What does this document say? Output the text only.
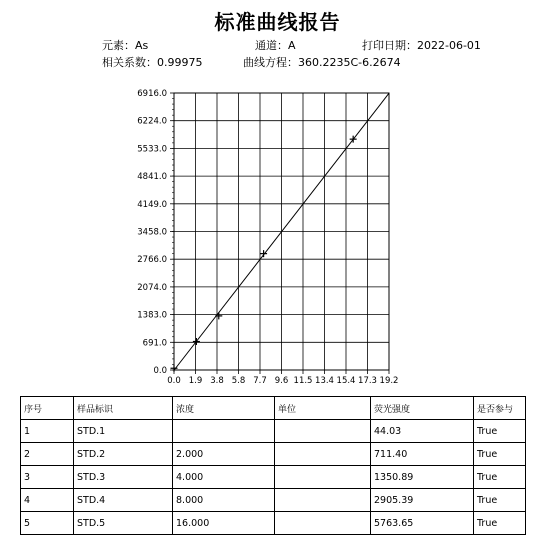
标准曲线报告
元素：As	通道：A	打印日期：2022-06-01
相关系数：0.99975	曲线方程：360.2235C-6.2674
0.0 1.9 3.8 5.8 7.7 9.6 11.5 13.4 15.4 17.3 19.2
0.0
691.0
1383.0
2074.0
2766.0
3458.0
4149.0
4841.0
5533.0
6224.0
6916.0
序号	样品标识	浓度	单位	荧光强度	是否参与
1	STD.1			44.03	True
2	STD.2	2.000		711.40	True
3	STD.3	4.000		1350.89	True
4	STD.4	8.000		2905.39	True
5	STD.5	16.000		5763.65	True
